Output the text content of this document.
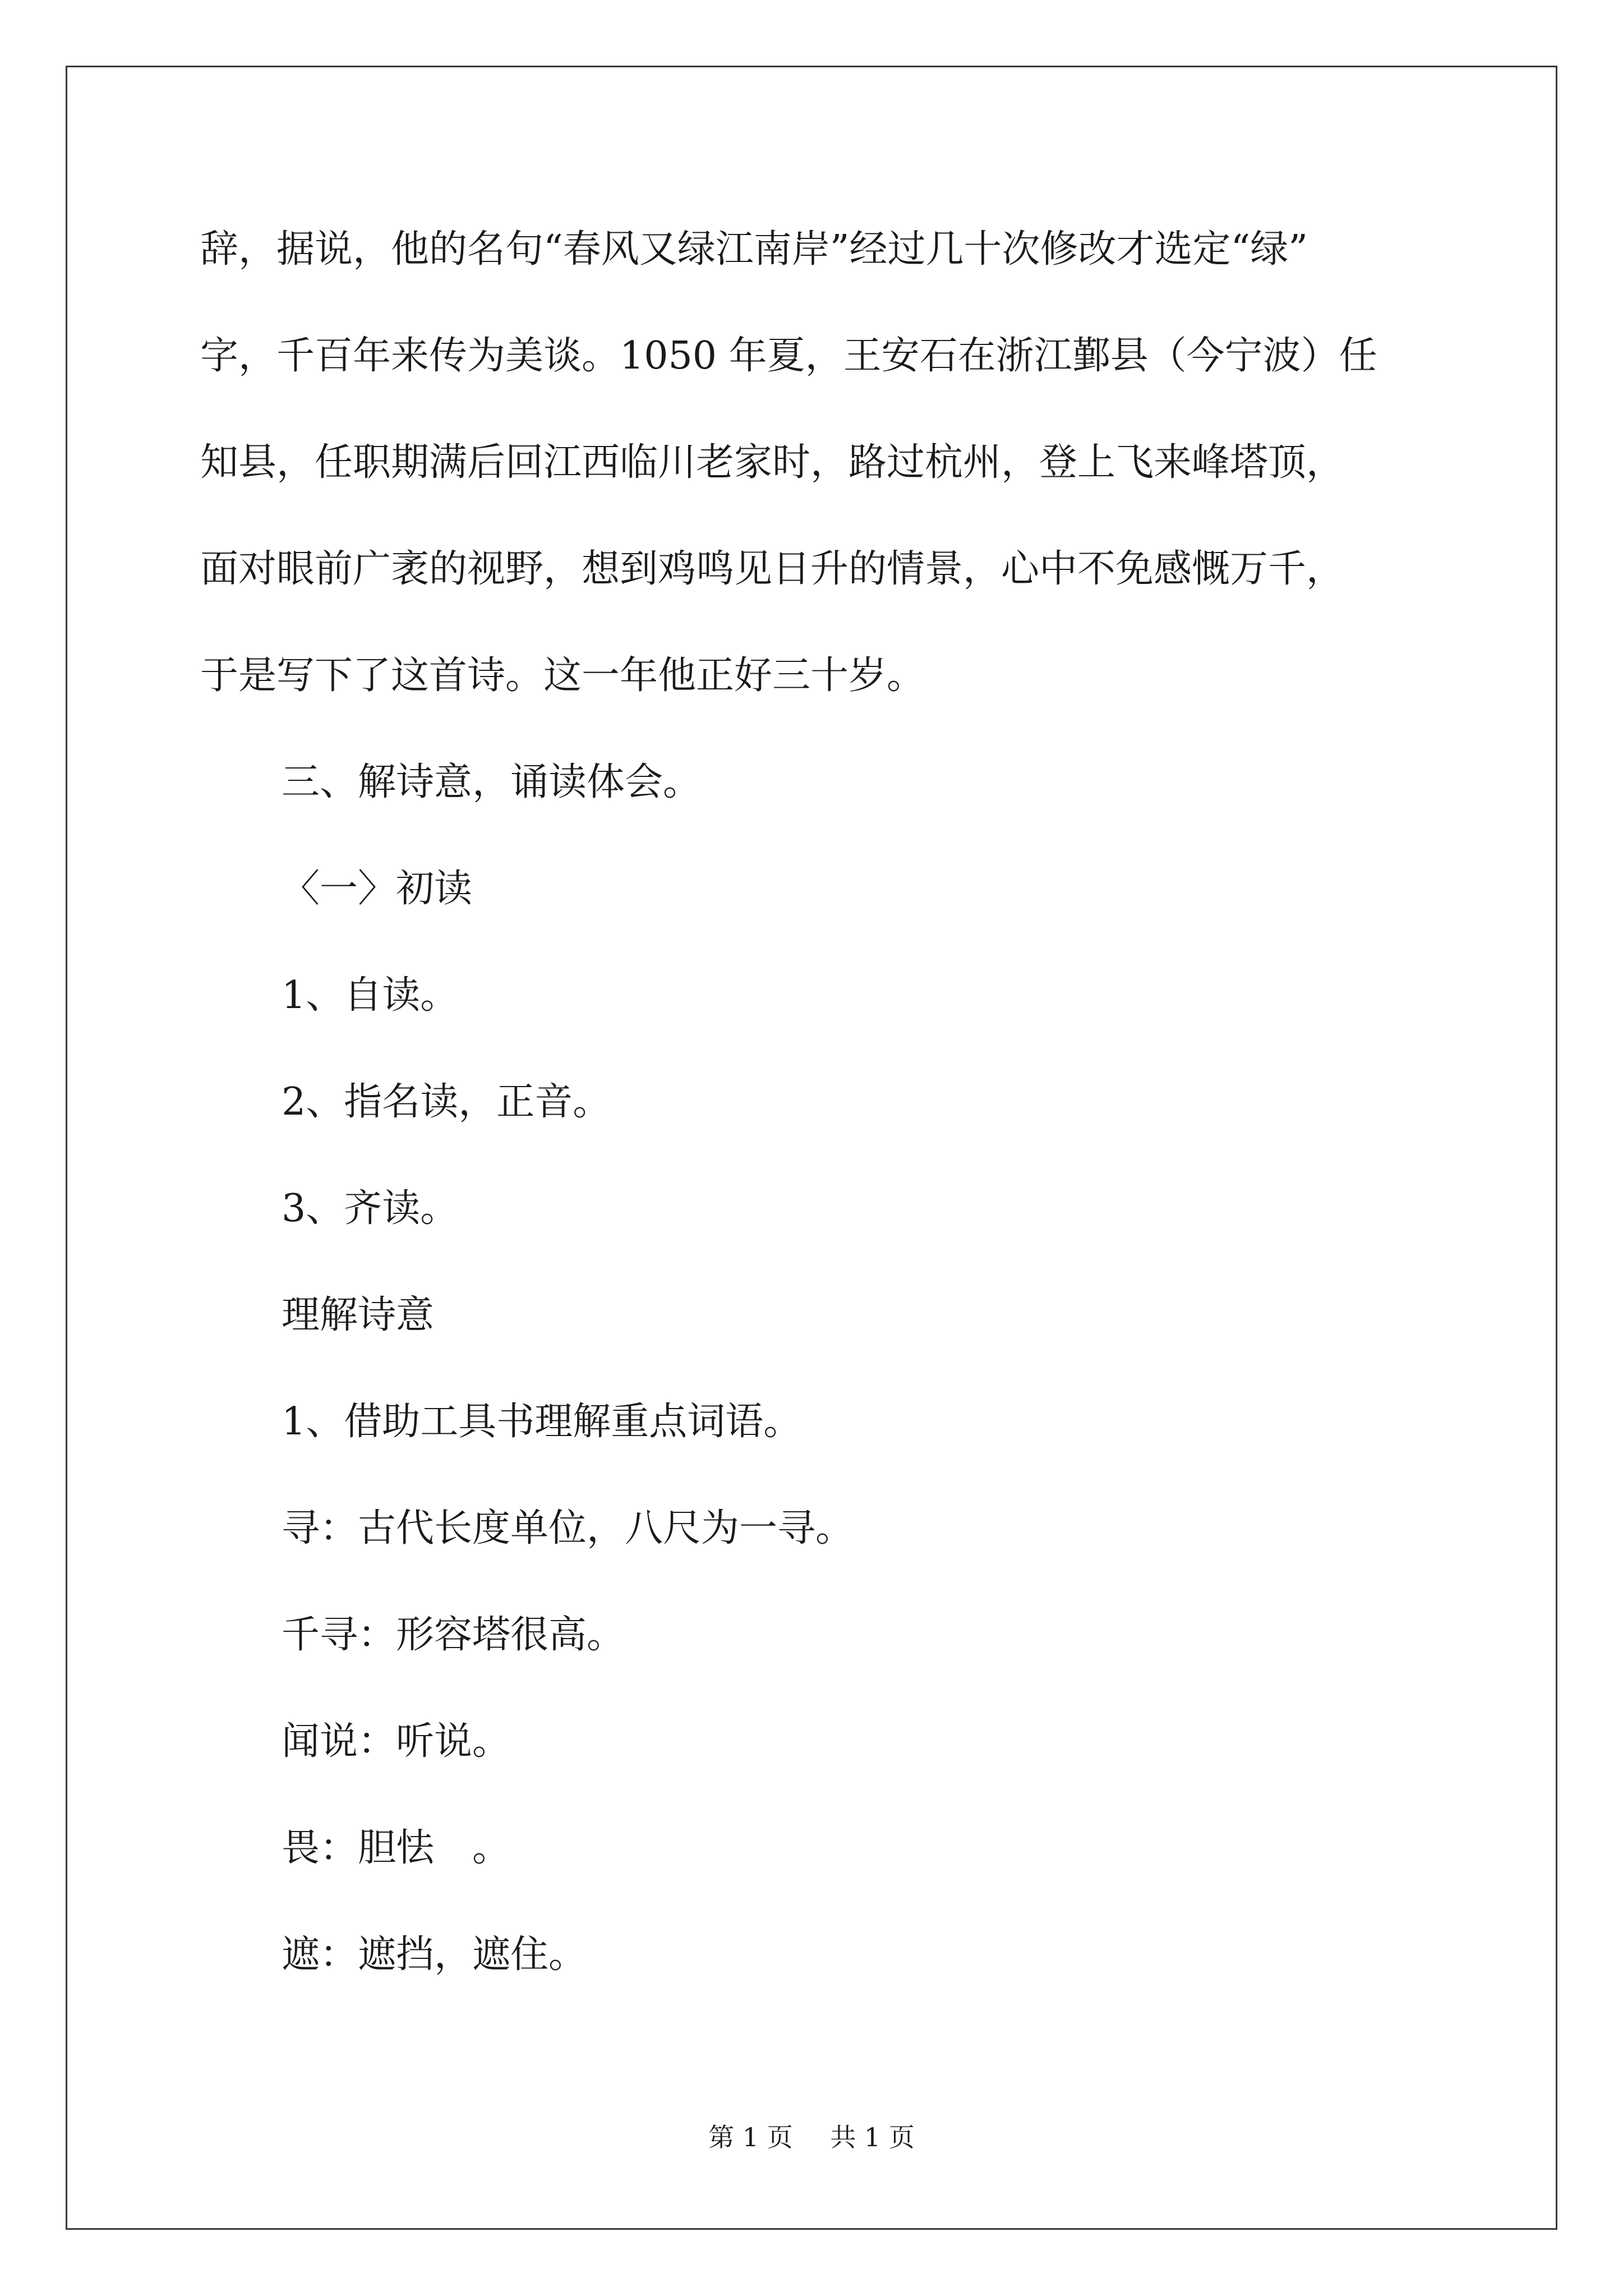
辞，据说，他的名句“春风又绿江南岸”经过几十次修改才选定“绿”

字，千百年来传为美谈。1050 年夏，王安石在浙江鄞县（今宁波）任

知县，任职期满后回江西临川老家时，路过杭州，登上飞来峰塔顶，

面对眼前广袤的视野，想到鸡鸣见日升的情景，心中不免感慨万千，

于是写下了这首诗。这一年他正好三十岁。

三、解诗意，诵读体会。

〈一〉初读

1、自读。

2、指名读，正音。

3、齐读。

理解诗意

1、借助工具书理解重点词语。

寻：古代长度单位，八尺为一寻。

千寻：形容塔很高。

闻说：听说。

畏：胆怯　。

遮：遮挡，遮住。

第 1 页 共 1 页
